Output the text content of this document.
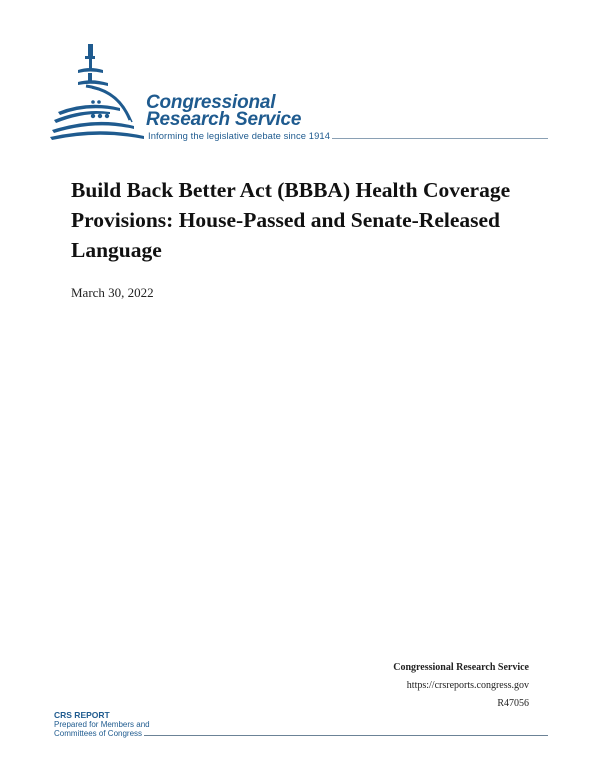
Congressional
Research Service
Informing the legislative debate since 1914
Build Back Better Act (BBBA) Health Coverage Provisions: House-Passed and Senate-Released Language
March 30, 2022
Congressional Research Service
https://crsreports.congress.gov
R47056
CRS REPORT
Prepared for Members and
Committees of Congress
